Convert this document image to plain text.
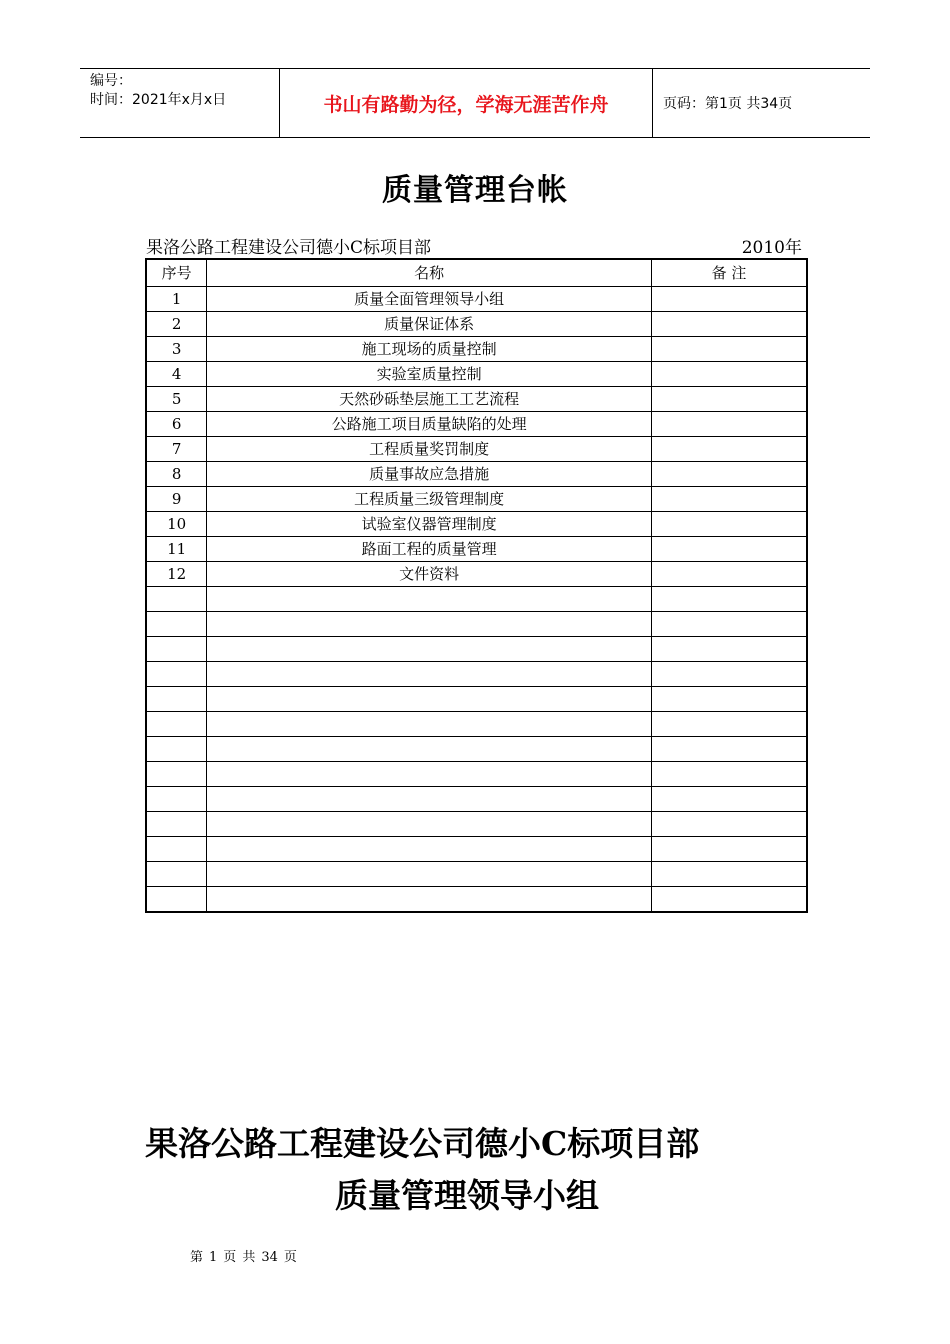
编号：
时间：2021年x月x日	书山有路勤为径，学海无涯苦作舟	页码：第1页 共34页
质量管理台帐
果洛公路工程建设公司德小C标项目部	2010年
序号	名称	备 注
1	质量全面管理领导小组	
2	质量保证体系	
3	施工现场的质量控制	
4	实验室质量控制	
5	天然砂砾垫层施工工艺流程	
6	公路施工项目质量缺陷的处理	
7	工程质量奖罚制度	
8	质量事故应急措施	
9	工程质量三级管理制度	
10	试验室仪器管理制度	
11	路面工程的质量管理	
12	文件资料	

果洛公路工程建设公司德小C标项目部
质量管理领导小组
第 1 页 共 34 页
